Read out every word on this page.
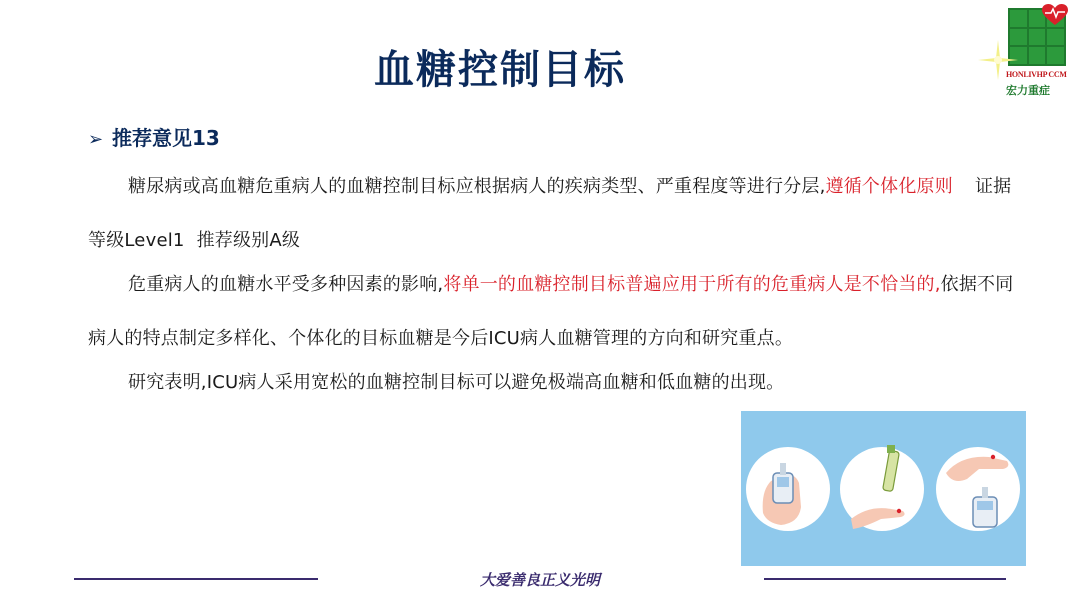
血糖控制目标	HONLIVHP CCM
宏力重症
➢ 推荐意见13

糖尿病或高血糖危重病人的血糖控制目标应根据病人的疾病类型、严重程度等进行分层,遵循个体化原则 证据等级Level1 推荐级别A级

危重病人的血糖水平受多种因素的影响,将单一的血糖控制目标普遍应用于所有的危重病人是不恰当的,依据不同病人的特点制定多样化、个体化的目标血糖是今后ICU病人血糖管理的方向和研究重点。

研究表明,ICU病人采用宽松的血糖控制目标可以避免极端高血糖和低血糖的出现。

大爱善良正义光明
